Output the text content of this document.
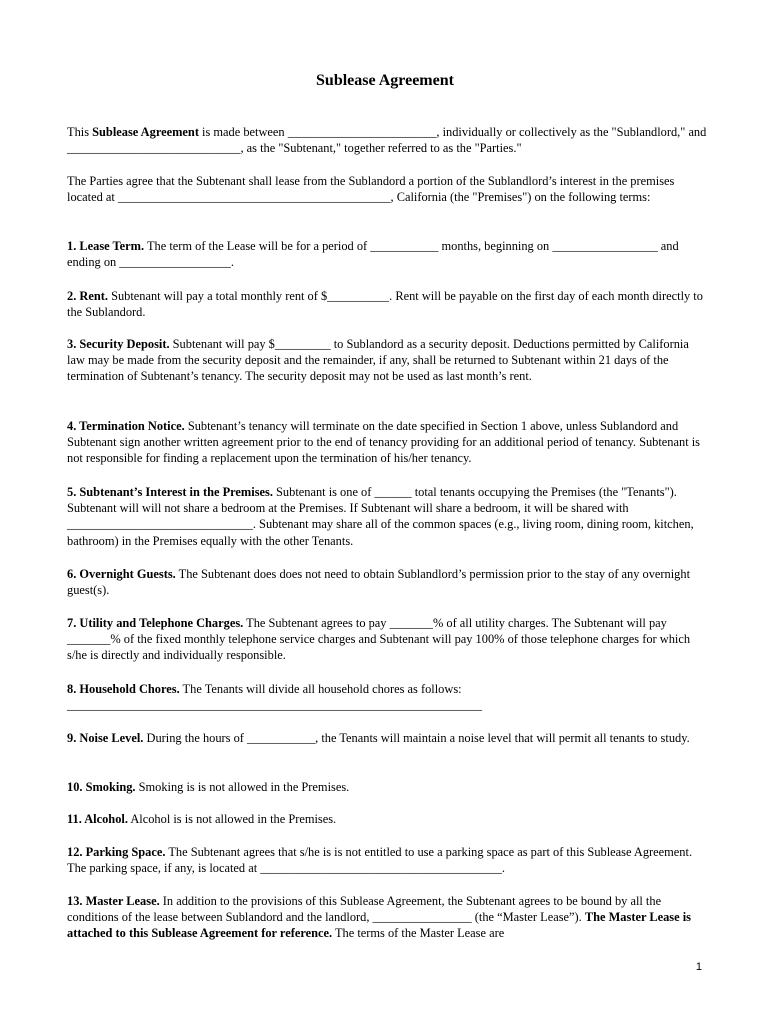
Sublease Agreement
This Sublease Agreement is made between ________________________, individually or collectively as the "Sublandlord," and ____________________________, as the "Subtenant," together referred to as the "Parties."
The Parties agree that the Subtenant shall lease from the Sublandord a portion of the Sublandlord’s interest in the premises located at ____________________________________________, California (the "Premises") on the following terms:
1. Lease Term. The term of the Lease will be for a period of ___________ months, beginning on _________________ and ending on __________________.
2. Rent. Subtenant will pay a total monthly rent of $__________. Rent will be payable on the first day of each month directly to the Sublandord.
3. Security Deposit. Subtenant will pay $_________ to Sublandord as a security deposit. Deductions permitted by California law may be made from the security deposit and the remainder, if any, shall be returned to Subtenant within 21 days of the termination of Subtenant’s tenancy. The security deposit may not be used as last month’s rent.
4. Termination Notice. Subtenant’s tenancy will terminate on the date specified in Section 1 above, unless Sublandord and Subtenant sign another written agreement prior to the end of tenancy providing for an additional period of tenancy. Subtenant is not responsible for finding a replacement upon the termination of his/her tenancy.
5. Subtenant’s Interest in the Premises. Subtenant is one of ______ total tenants occupying the Premises (the "Tenants"). Subtenant will will not share a bedroom at the Premises. If Subtenant will share a bedroom, it will be shared with ______________________________. Subtenant may share all of the common spaces (e.g., living room, dining room, kitchen, bathroom) in the Premises equally with the other Tenants.
6. Overnight Guests. The Subtenant does does not need to obtain Sublandlord’s permission prior to the stay of any overnight guest(s).
7. Utility and Telephone Charges. The Subtenant agrees to pay _______% of all utility charges. The Subtenant will pay _______% of the fixed monthly telephone service charges and Subtenant will pay 100% of those telephone charges for which s/he is directly and individually responsible.
8. Household Chores. The Tenants will divide all household chores as follows: ___________________________________________________________________
9. Noise Level. During the hours of ___________, the Tenants will maintain a noise level that will permit all tenants to study.
10. Smoking. Smoking is is not allowed in the Premises.
11. Alcohol. Alcohol is is not allowed in the Premises.
12. Parking Space. The Subtenant agrees that s/he is is not entitled to use a parking space as part of this Sublease Agreement. The parking space, if any, is located at _______________________________________.
13. Master Lease. In addition to the provisions of this Sublease Agreement, the Subtenant agrees to be bound by all the conditions of the lease between Sublandord and the landlord, ________________ (the “Master Lease”). The Master Lease is attached to this Sublease Agreement for reference. The terms of the Master Lease are
1
